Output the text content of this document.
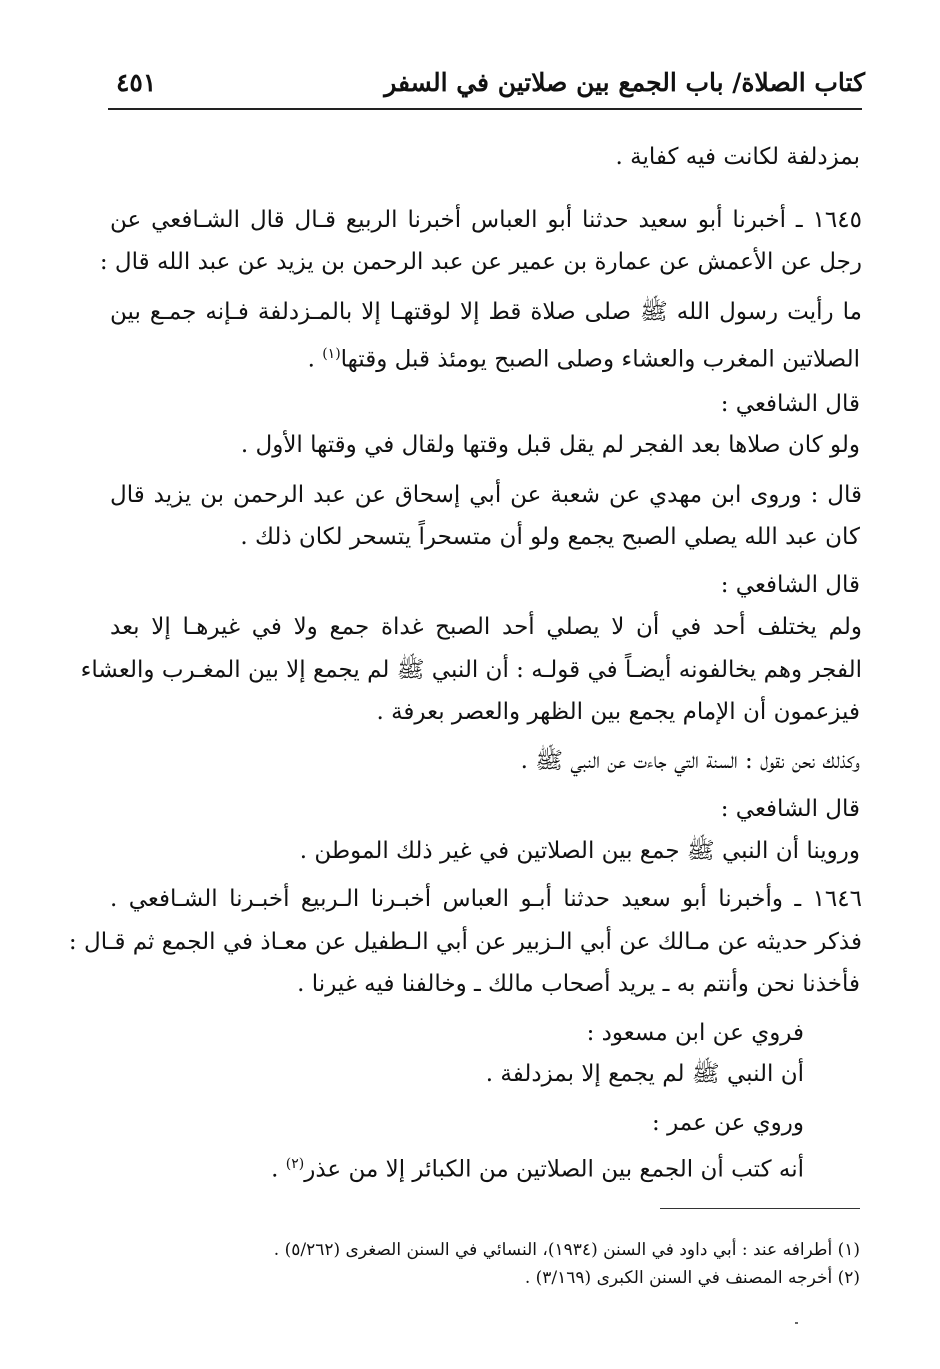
كتاب الصلاة/ باب الجمع بين صلاتين في السفر
٤٥١
بمزدلفة لكانت فيه كفاية .
١٦٤٥ ـ أخبرنا أبو سعيد حدثنا أبو العباس أخبرنا الربيع قـال قال الشـافعي عن
رجل عن الأعمش عن عمارة بن عمير عن عبد الرحمن بن يزيد عن عبد الله قال :
ما رأيت رسول الله ﷺ صلى صلاة قط إلا لوقتهـا إلا بالمـزدلفة فـإنه جمـع بين
الصلاتين المغرب والعشاء وصلى الصبح يومئذ قبل وقتها$^{(١)}$ .
قال الشافعي :
ولو كان صلاها بعد الفجر لم يقل قبل وقتها ولقال في وقتها الأول .
قال : وروى ابن مهدي عن شعبة عن أبي إسحاق عن عبد الرحمن بن يزيد قال
كان عبد الله يصلي الصبح يجمع ولو أن متسحراً يتسحر لكان ذلك .
قال الشافعي :
ولم يختلف أحد في أن لا يصلي أحد الصبح غداة جمع ولا في غيرهـا إلا بعد
الفجر وهم يخالفونه أيضـاً في قولـه : أن النبي ﷺ لم يجمع إلا بين المغـرب والعشاء
فيزعمون أن الإمام يجمع بين الظهر والعصر بعرفة .
وكذلك نحن نقول : السنة التي جاءت عن النبي ﷺ .
قال الشافعي :
وروينا أن النبي ﷺ جمع بين الصلاتين في غير ذلك الموطن .
١٦٤٦ ـ وأخبرنا أبو سعيد حدثنا أبـو العباس أخبـرنا الـربيع أخبـرنا الشـافعي .
فذكر حديثه عن مـالك عن أبي الـزبير عن أبي الـطفيل عن معـاذ في الجمع ثم قـال :
فأخذنا نحن وأنتم به ـ يريد أصحاب مالك ـ وخالفنا فيه غيرنا .
فروي عن ابن مسعود :
أن النبي ﷺ لم يجمع إلا بمزدلفة .
وروي عن عمر :
أنه كتب أن الجمع بين الصلاتين من الكبائر إلا من عذر$^{(٢)}$ .
(١) أطرافه عند : أبي داود في السنن (١٩٣٤)، النسائي في السنن الصغرى (٥/٢٦٢) .
(٢) أخرجه المصنف في السنن الكبرى (٣/١٦٩) .
